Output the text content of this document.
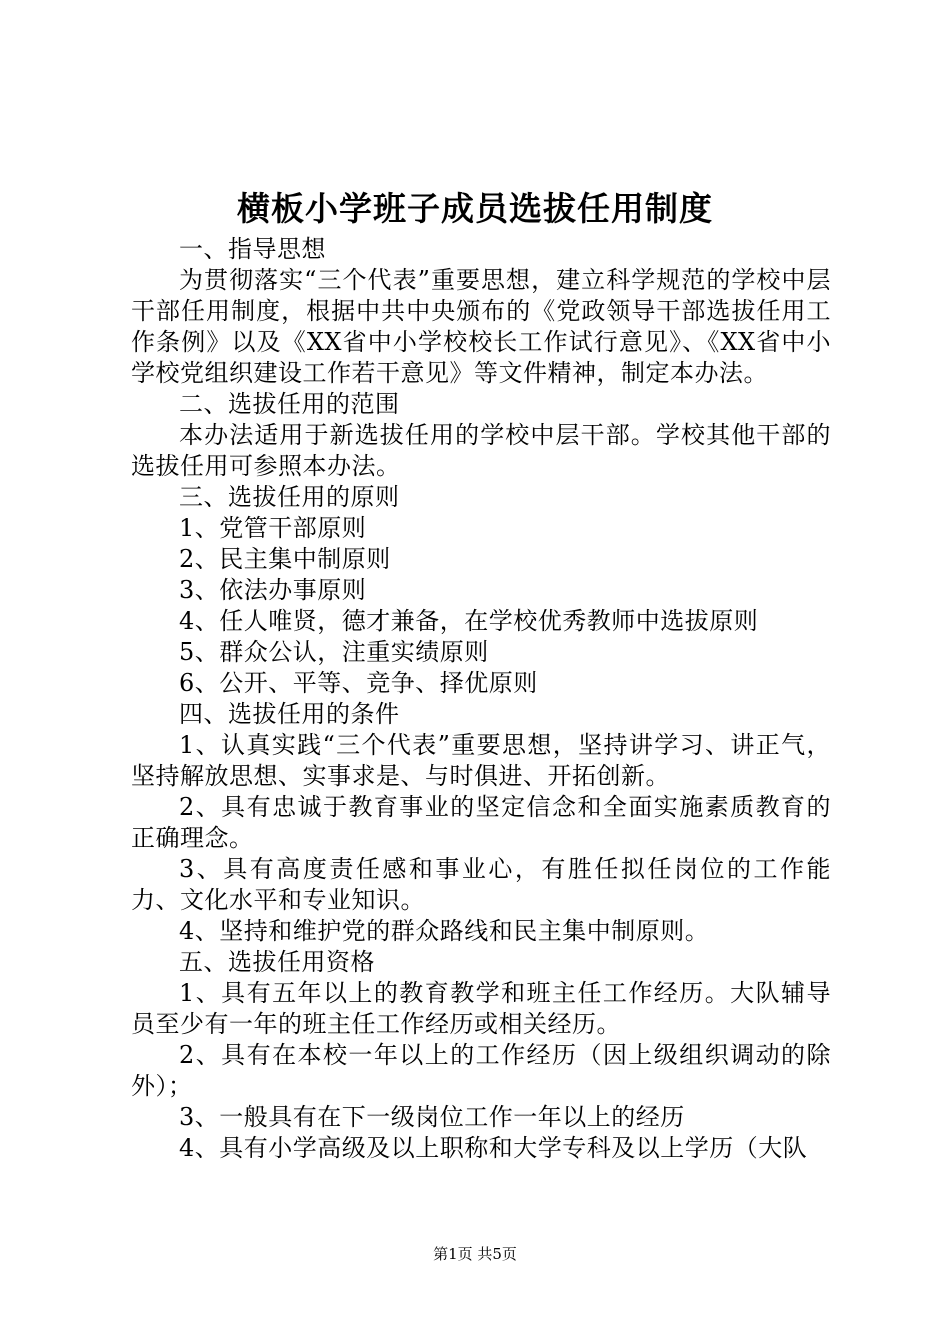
横板小学班子成员选拔任用制度

一、指导思想

为贯彻落实“三个代表”重要思想，建立科学规范的学校中层干部任用制度，根据中共中央颁布的《党政领导干部选拔任用工作条例》以及《XX省中小学校校长工作试行意见》、《XX省中小学校党组织建设工作若干意见》等文件精神，制定本办法。

二、选拔任用的范围

本办法适用于新选拔任用的学校中层干部。学校其他干部的选拔任用可参照本办法。

三、选拔任用的原则

1、党管干部原则

2、民主集中制原则

3、依法办事原则

4、任人唯贤，德才兼备，在学校优秀教师中选拔原则

5、群众公认，注重实绩原则

6、公开、平等、竞争、择优原则

四、选拔任用的条件

1、认真实践“三个代表”重要思想，坚持讲学习、讲正气，坚持解放思想、实事求是、与时俱进、开拓创新。

2、具有忠诚于教育事业的坚定信念和全面实施素质教育的正确理念。

3、具有高度责任感和事业心，有胜任拟任岗位的工作能力、文化水平和专业知识。

4、坚持和维护党的群众路线和民主集中制原则。

五、选拔任用资格

1、具有五年以上的教育教学和班主任工作经历。大队辅导员至少有一年的班主任工作经历或相关经历。

2、具有在本校一年以上的工作经历（因上级组织调动的除外）；

3、一般具有在下一级岗位工作一年以上的经历

4、具有小学高级及以上职称和大学专科及以上学历（大队

第1页 共5页
